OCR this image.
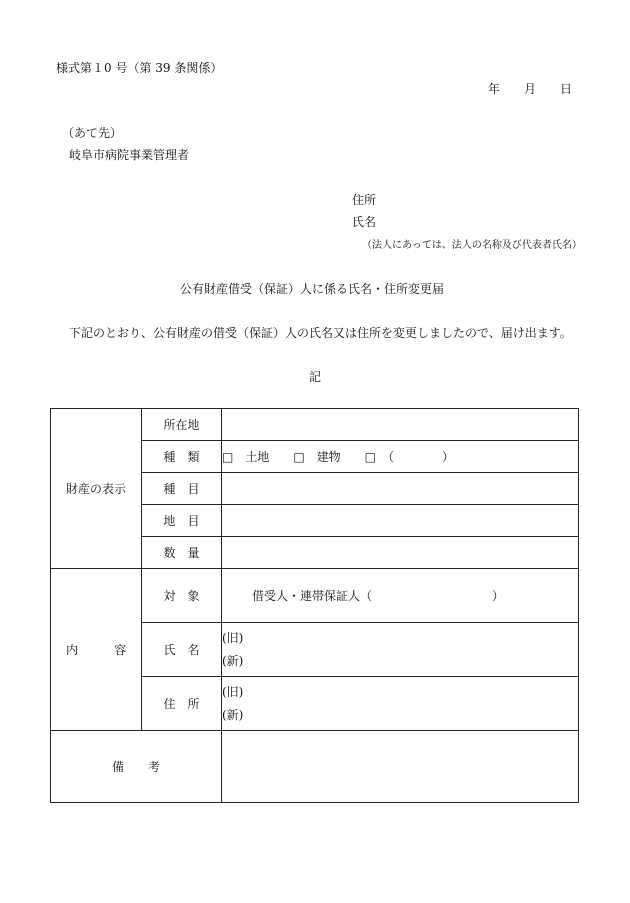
様式第１0 号（第 39 条関係）
年　　月　　日
（あて先）
岐阜市病院事業管理者
住所
氏名
（法人にあっては、法人の名称及び代表者氏名）
公有財産借受（保証）人に係る氏名・住所変更届
下記のとおり、公有財産の借受（保証）人の氏名又は住所を変更しましたので、届け出ます。
記
財産の表示	所在地	
	種　類	□　土地　　□　建物　　□　（　　　　）
	種　目	
	地　目	
	数　量	
内　　　容	対　象	借受人・連帯保証人（　　　　　　　　　　）
	氏　名	(旧)
(新)

	住　所	(旧)
(新)

備　　考		
